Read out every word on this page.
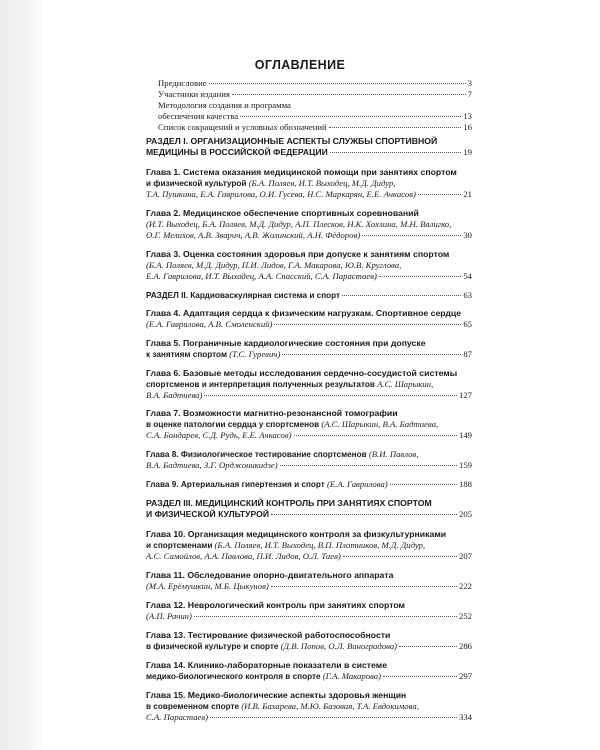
ОГЛАВЛЕНИЕ
Предисловие	3
Участники издания	7
Методология создания и программа
обеспечения качества	13
Список сокращений и условных обозначений	16
РАЗДЕЛ I. ОРГАНИЗАЦИОННЫЕ АСПЕКТЫ СЛУЖБЫ СПОРТИВНОЙ
МЕДИЦИНЫ В РОССИЙСКОЙ ФЕДЕРАЦИИ	19
Глава 1. Система оказания медицинской помощи при занятиях спортом
и физической культурой (Б.А. Поляев, И.Т. Выходец, М.Д. Дидур,
Т.А. Пушкина, Е.А. Гаврилова, О.И. Гусева, Н.С. Маркарян, Е.Е. Ачкасов)	21
Глава 2. Медицинское обеспечение спортивных соревнований
(И.Т. Выходец, Б.А. Поляев, М.Д. Дидур, А.П. Плесков, Н.К. Хохлина, М.Н. Вялигко,
О.Г. Мелихов, А.В. Зварич, А.В. Жолинский, А.Н. Фёдоров)	30
Глава 3. Оценка состояния здоровья при допуске к занятиям спортом
(Б.А. Поляев, М.Д. Дидур, П.И. Лидов, Г.А. Макарова, Ю.В. Круглова,
Е.А. Гаврилова, И.Т. Выходец, А.А. Спасский, С.А. Парастаев)	54
РАЗДЕЛ II. Кардиоваскулярная система и спорт	63
Глава 4. Адаптация сердца к физическим нагрузкам. Спортивное сердце
(Е.А. Гаврилова, А.В. Смоленский)	65
Глава 5. Пограничные кардиологические состояния при допуске
к занятиям спортом (Т.С. Гуревич)	87
Глава 6. Базовые методы исследования сердечно-сосудистой системы
спортсменов и интерпретация полученных результатов А.С. Шарыкин,
В.А. Бадтиева)	127
Глава 7. Возможности магнитно-резонансной томографии
в оценке патологии сердца у спортсменов (А.С. Шарыкин, В.А. Бадтиева,
С.А. Бондарев, С.Д. Рудь, Е.Е. Ачкасов)	149
Глава 8. Физиологическое тестирование спортсменов (В.И. Павлов,
В.А. Бадтиева, З.Г. Орджоникидзе)	159
Глава 9. Артериальная гипертензия и спорт (Е.А. Гаврилова)	188
РАЗДЕЛ III. МЕДИЦИНСКИЙ КОНТРОЛЬ ПРИ ЗАНЯТИЯХ СПОРТОМ
И ФИЗИЧЕСКОЙ КУЛЬТУРОЙ	205
Глава 10. Организация медицинского контроля за физкультурниками
и спортсменами (Б.А. Поляев, И.Т. Выходец, В.П. Плотников, М.Д. Дидур,
А.С. Самойлов, А.А. Павлова, П.И. Лидов, О.Л. Таев)	207
Глава 11. Обследование опорно-двигательного аппарата
(М.А. Ерёмушкин, М.Б. Цыкунов)	222
Глава 12. Неврологический контроль при занятиях спортом
(А.П. Рачин)	252
Глава 13. Тестирование физической работоспособности
в физической культуре и спорте (Д.В. Попов, О.Л. Виноградова)	286
Глава 14. Клинико-лабораторные показатели в системе
медико-биологического контроля в спорте (Г.А. Макарова)	297
Глава 15. Медико-биологические аспекты здоровья женщин
в современном спорте (И.В. Бахарева, М.Ю. Базовая, Т.А. Евдокимова,
С.А. Парастаев)	334
